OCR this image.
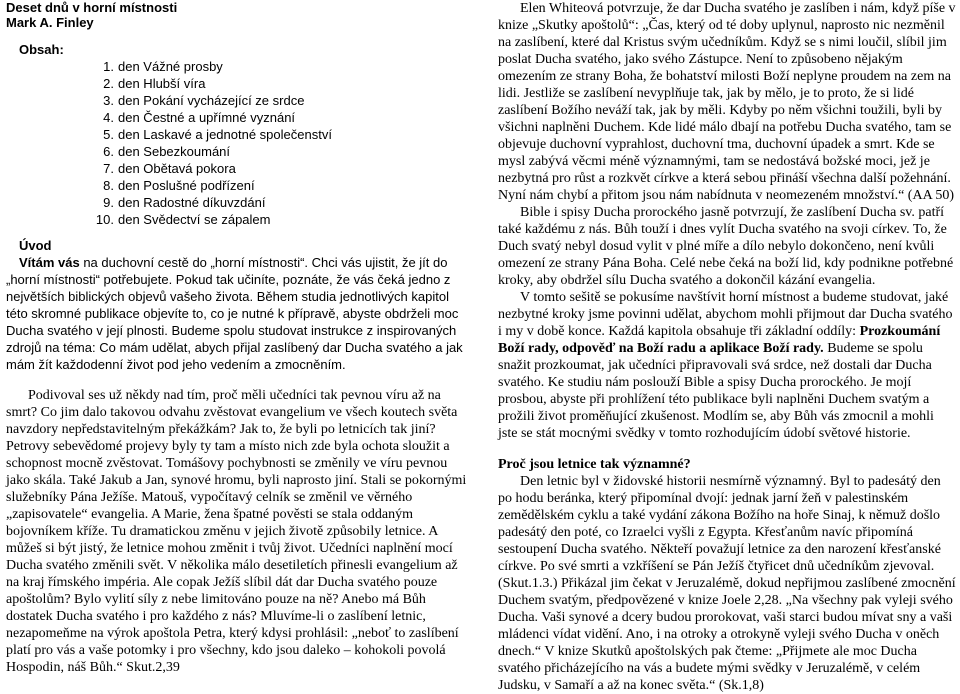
Deset dnů v horní místnosti

Mark A. Finley

Obsah:
1. den Vážné prosby
2. den Hlubší víra
3. den Pokání vycházející ze srdce
4. den Čestné a upřímné vyznání
5. den Laskavé a jednotné společenství
6. den Sebezkoumání
7. den Obětavá pokora
8. den Poslušné podřízení
9. den Radostné díkuvzdání
10. den Svědectví se zápalem

Úvod

Vítám vás na duchovní cestě do „horní místnosti“. Chci vás ujistit, že jít do „horní místnosti“ potřebujete. Pokud tak učiníte, poznáte, že vás čeká jedno z největších biblických objevů vašeho života. Během studia jednotlivých kapitol této skromné publikace objevíte to, co je nutné k přípravě, abyste obdrželi moc Ducha svatého v její plnosti. Budeme spolu studovat instrukce z inspirovaných zdrojů na téma: Co mám udělat, abych přijal zaslíbený dar Ducha svatého a jak mám žít každodenní život pod jeho vedením a zmocněním.

Podivoval ses už někdy nad tím, proč měli učedníci tak pevnou víru až na smrt? Co jim dalo takovou odvahu zvěstovat evangelium ve všech koutech světa navzdory nepředstavitelným překážkám? Jak to, že byli po letnicích tak jiní? Petrovy sebevědomé projevy byly ty tam a místo nich zde byla ochota sloužit a schopnost mocně zvěstovat. Tomášovy pochybnosti se změnily ve víru pevnou jako skála. Také Jakub a Jan, synové hromu, byli naprosto jiní. Stali se pokornými služebníky Pána Ježíše. Matouš, vypočítavý celník se změnil ve věrného „zapisovatele“ evangelia. A Marie, žena špatné pověsti se stala oddaným bojovníkem kříže. Tu dramatickou změnu v jejich životě způsobily letnice. A můžeš si být jistý, že letnice mohou změnit i tvůj život. Učedníci naplnění mocí Ducha svatého změnili svět. V několika málo desetiletích přinesli evangelium až na kraj římského impéria. Ale copak Ježíš slíbil dát dar Ducha svatého pouze apoštolům? Bylo vylití síly z nebe limitováno pouze na ně? Anebo má Bůh dostatek Ducha svatého i pro každého z nás? Mluvíme-li o zaslíbení letnic, nezapomeňme na výrok apoštola Petra, který kdysi prohlásil: „neboť to zaslíbení platí pro vás a vaše potomky i pro všechny, kdo jsou daleko – kohokoli povolá Hospodin, náš Bůh.“ Skut.2,39

Elen Whiteová potvrzuje, že dar Ducha svatého je zaslíben i nám, když píše v knize „Skutky apoštolů“: „Čas, který od té doby uplynul, naprosto nic nezměnil na zaslíbení, které dal Kristus svým učedníkům. Když se s nimi loučil, slíbil jim poslat Ducha svatého, jako svého Zástupce. Není to způsobeno nějakým omezením ze strany Boha, že bohatství milosti Boží neplyne proudem na zem na lidi. Jestliže se zaslíbení nevyplňuje tak, jak by mělo, je to proto, že si lidé zaslíbení Božího neváží tak, jak by měli. Kdyby po něm všichni toužili, byli by všichni naplněni Duchem. Kde lidé málo dbají na potřebu Ducha svatého, tam se objevuje duchovní vyprahlost, duchovní tma, duchovní úpadek a smrt. Kde se mysl zabývá věcmi méně významnými, tam se nedostává božské moci, jež je nezbytná pro růst a rozkvět církve a která sebou přináší všechna další požehnání. Nyní nám chybí a přitom jsou nám nabídnuta v neomezeném množství.“ (AA 50)

Bible i spisy Ducha prorockého jasně potvrzují, že zaslíbení Ducha sv. patří také každému z nás. Bůh touží i dnes vylít Ducha svatého na svoji církev. To, že Duch svatý nebyl dosud vylit v plné míře a dílo nebylo dokončeno, není kvůli omezení ze strany Pána Boha. Celé nebe čeká na boží lid, kdy podnikne potřebné kroky, aby obdržel sílu Ducha svatého a dokončil kázání evangelia.

V tomto sešitě se pokusíme navštívit horní místnost a budeme studovat, jaké nezbytné kroky jsme povinni udělat, abychom mohli přijmout dar Ducha svatého i my v době konce. Každá kapitola obsahuje tři základní oddíly: Prozkoumání Boží rady, odpověď na Boží radu a aplikace Boží rady. Budeme se spolu snažit prozkoumat, jak učedníci připravovali svá srdce, než dostali dar Ducha svatého. Ke studiu nám poslouží Bible a spisy Ducha prorockého. Je mojí prosbou, abyste při prohlížení této publikace byli naplněni Duchem svatým a prožili život proměňující zkušenost. Modlím se, aby Bůh vás zmocnil a mohli jste se stát mocnými svědky v tomto rozhodujícím údobí světové historie.

Proč jsou letnice tak významné?

Den letnic byl v židovské historii nesmírně významný. Byl to padesátý den po hodu beránka, který připomínal dvojí: jednak jarní žeň v palestinském zemědělském cyklu a také vydání zákona Božího na hoře Sinaj, k němuž došlo padesátý den poté, co Izraelci vyšli z Egypta. Křesťanům navíc připomíná sestoupení Ducha svatého. Někteří považují letnice za den narození křesťanské církve. Po své smrti a vzkříšení se Pán Ježíš čtyřicet dnů učedníkům zjevoval. (Skut.1.3.) Přikázal jim čekat v Jeruzalémě, dokud nepřijmou zaslíbené zmocnění Duchem svatým, předpovězené v knize Joele 2,28. „Na všechny pak vyleji svého Ducha. Vaši synové a dcery budou prorokovat, vaši starci budou mívat sny a vaši mládenci vídat vidění. Ano, i na otroky a otrokyně vyleji svého Ducha v oněch dnech.“ V knize Skutků apoštolských pak čteme: „Přijmete ale moc Ducha svatého přicházejícího na vás a budete mými svědky v Jeruzalémě, v celém Judsku, v Samaří a až na konec světa.“ (Sk.1,8)
